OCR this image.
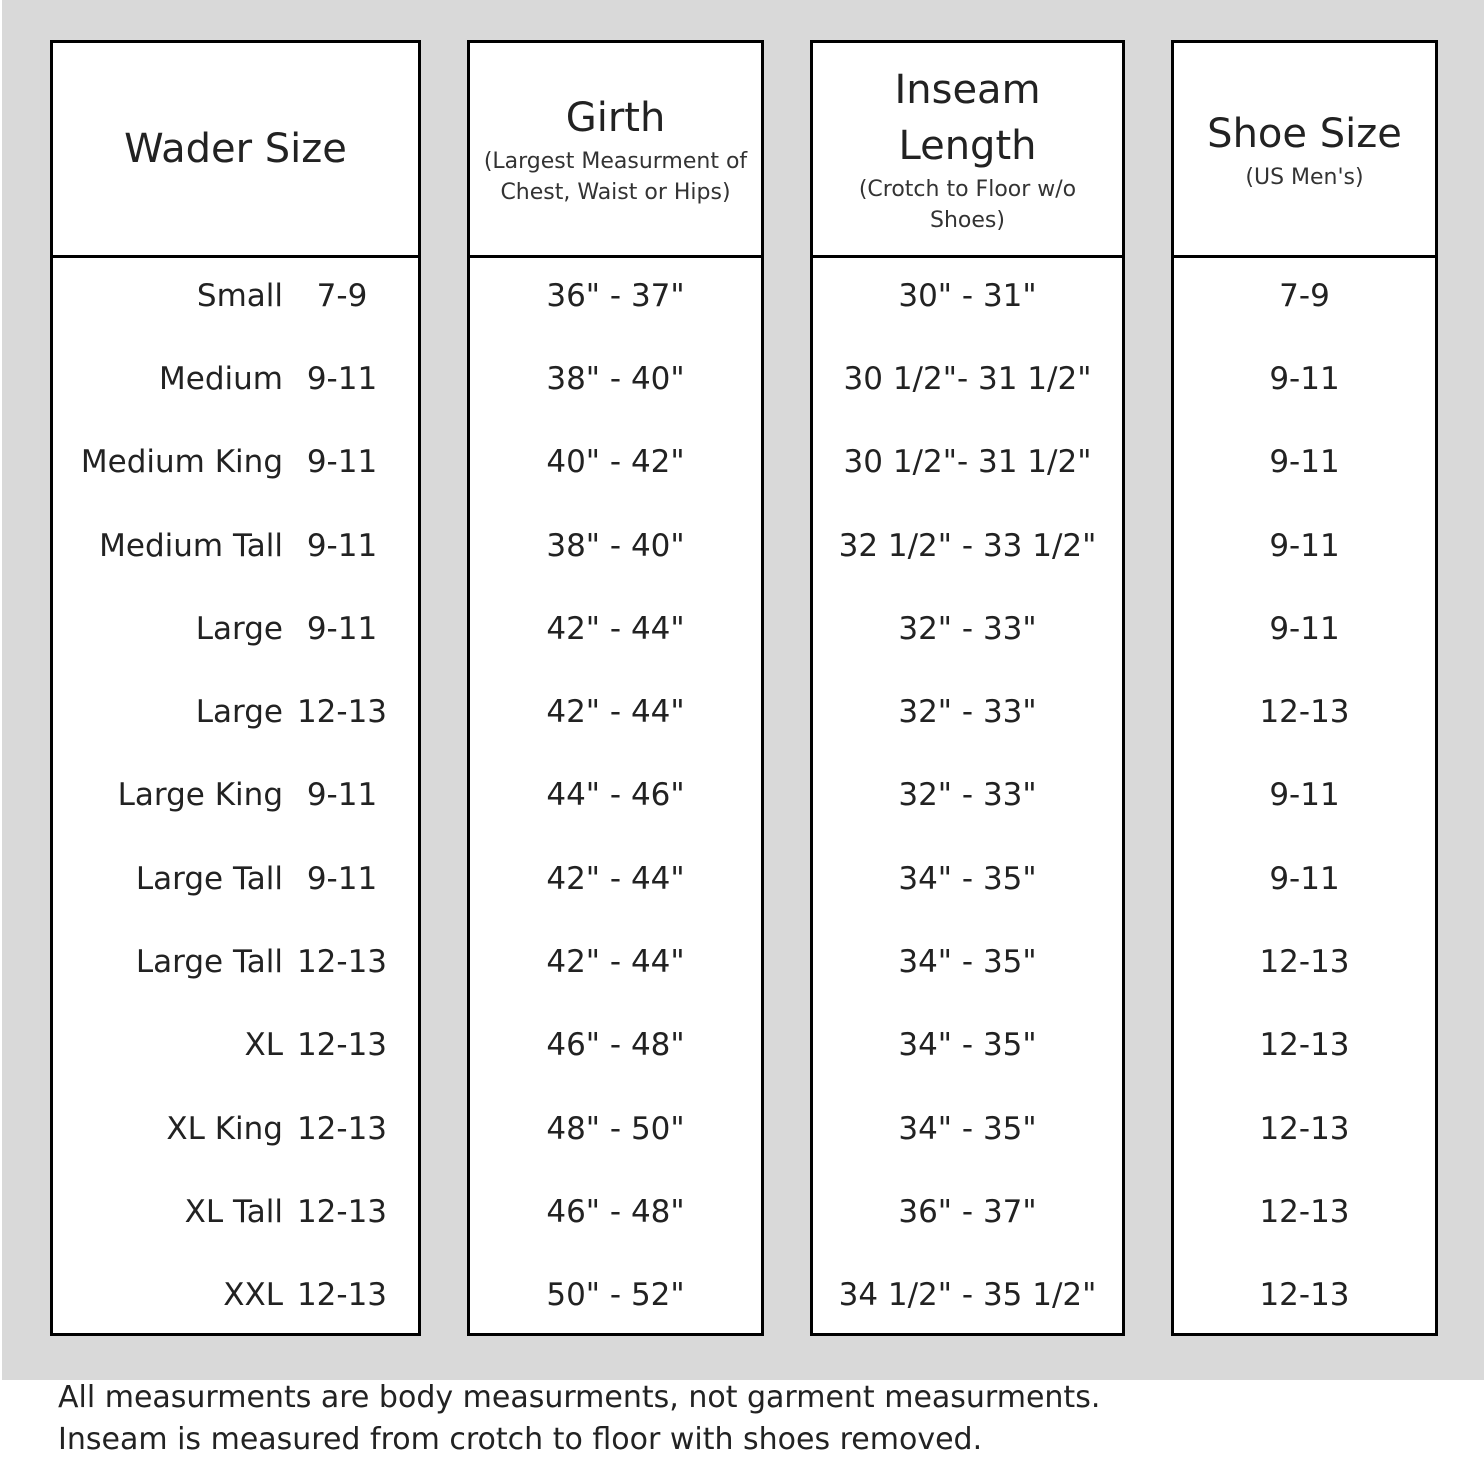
Wader Size
Small	7-9
Medium 9-11
Medium King 9-11
Medium Tall 9-11
Large 9-11
Large 12-13
Large King 9-11
Large Tall 9-11
Large Tall 12-13
XL 12-13
XL King 12-13
XL Tall 12-13
XXL 12-13
Girth
(Largest Measurment of Chest, Waist or Hips)
36" - 37"
38" - 40"
40" - 42"
38" - 40"
42" - 44"
42" - 44"
44" - 46"
42" - 44"
42" - 44"
46" - 48"
48" - 50"
46" - 48"
50" - 52"
Inseam
Length
(Crotch to Floor w/o Shoes)
30" - 31"
30 1/2"- 31 1/2"
30 1/2"- 31 1/2"
32 1/2" - 33 1/2"
32" - 33"
32" - 33"
32" - 33"
34" - 35"
34" - 35"
34" - 35"
34" - 35"
36" - 37"
34 1/2" - 35 1/2"
Shoe Size
(US Men's)
7-9
9-11
9-11
9-11
9-11
12-13
9-11
9-11
12-13
12-13
12-13
12-13
12-13
All measurments are body measurments, not garment measurments.
Inseam is measured from crotch to floor with shoes removed.
